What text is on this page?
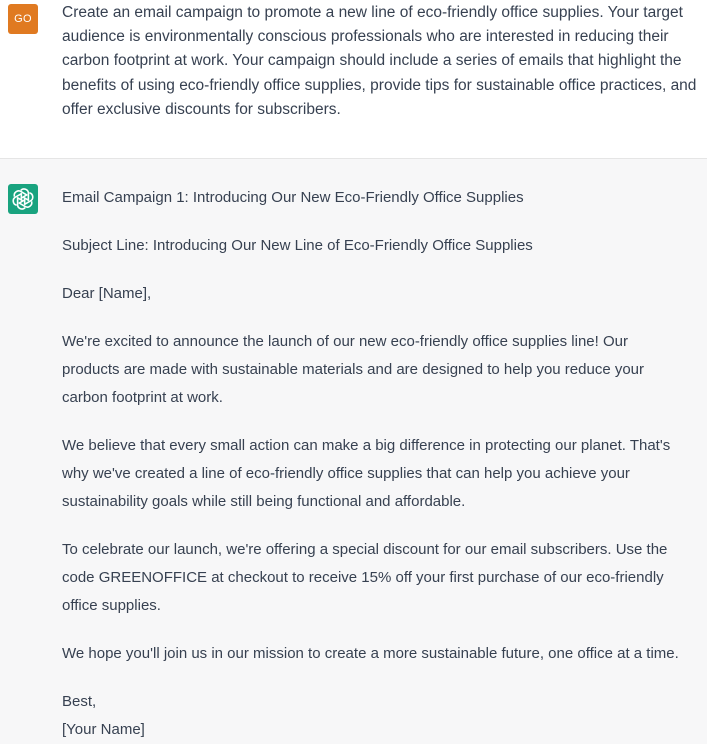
GO	Create an email campaign to promote a new line of eco-friendly office supplies. Your target audience is environmentally conscious professionals who are interested in reducing their carbon footprint at work. Your campaign should include a series of emails that highlight the benefits of using eco-friendly office supplies, provide tips for sustainable office practices, and offer exclusive discounts for subscribers.
Email Campaign 1: Introducing Our New Eco-Friendly Office Supplies
Subject Line: Introducing Our New Line of Eco-Friendly Office Supplies
Dear [Name],
We're excited to announce the launch of our new eco-friendly office supplies line! Our
products are made with sustainable materials and are designed to help you reduce your
carbon footprint at work.
We believe that every small action can make a big difference in protecting our planet. That's
why we've created a line of eco-friendly office supplies that can help you achieve your
sustainability goals while still being functional and affordable.
To celebrate our launch, we're offering a special discount for our email subscribers. Use the
code GREENOFFICE at checkout to receive 15% off your first purchase of our eco-friendly
office supplies.
We hope you'll join us in our mission to create a more sustainable future, one office at a time.
Best,
[Your Name]
